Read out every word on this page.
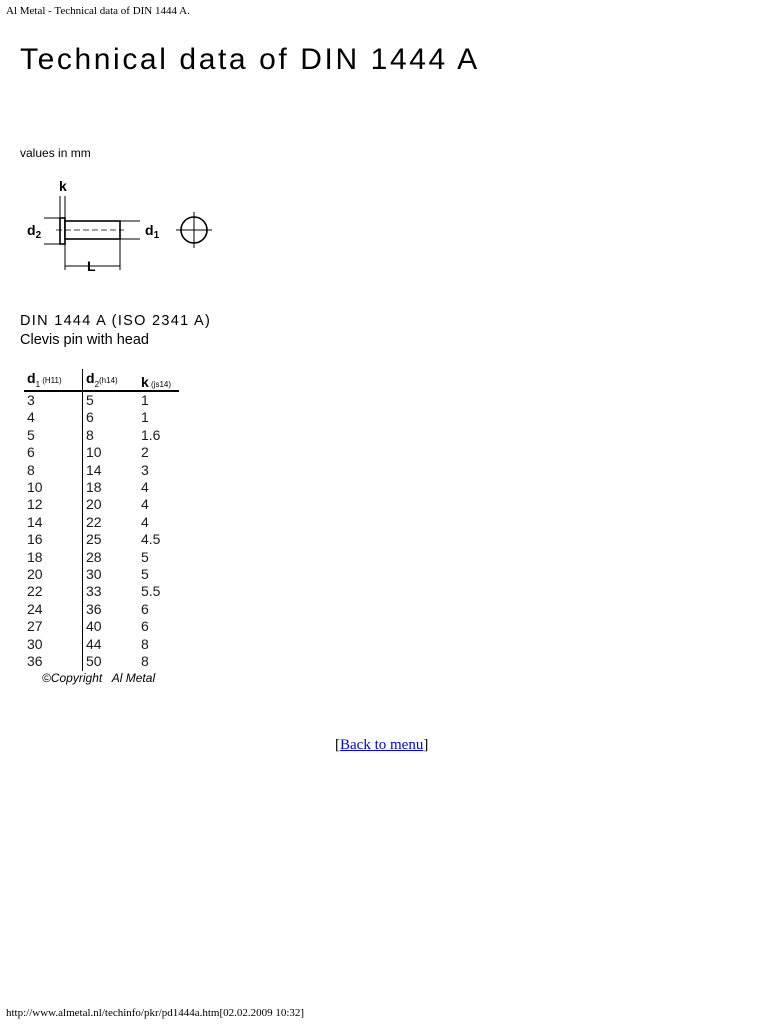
Al Metal - Technical data of DIN 1444 A.
Technical data of DIN 1444 A
values in mm
k
$d_2$	$d_1$
L
DIN 1444 A (ISO 2341 A)
Clevis pin with head
$d_1$ (H11)	$d_2(h14)$	k (js14)
3	5	1
4	6	1
5	8	1.6
6	10	2
8	14	3
10	18	4
12	20	4
14	22	4
16	25	4.5
18	28	5
20	30	5
22	33	5.5
24	36	6
27	40	6
30	44	8
36	50	8
©Copyright   Al Metal
[Back to menu]
http://www.almetal.nl/techinfo/pkr/pd1444a.htm[02.02.2009 10:32]
